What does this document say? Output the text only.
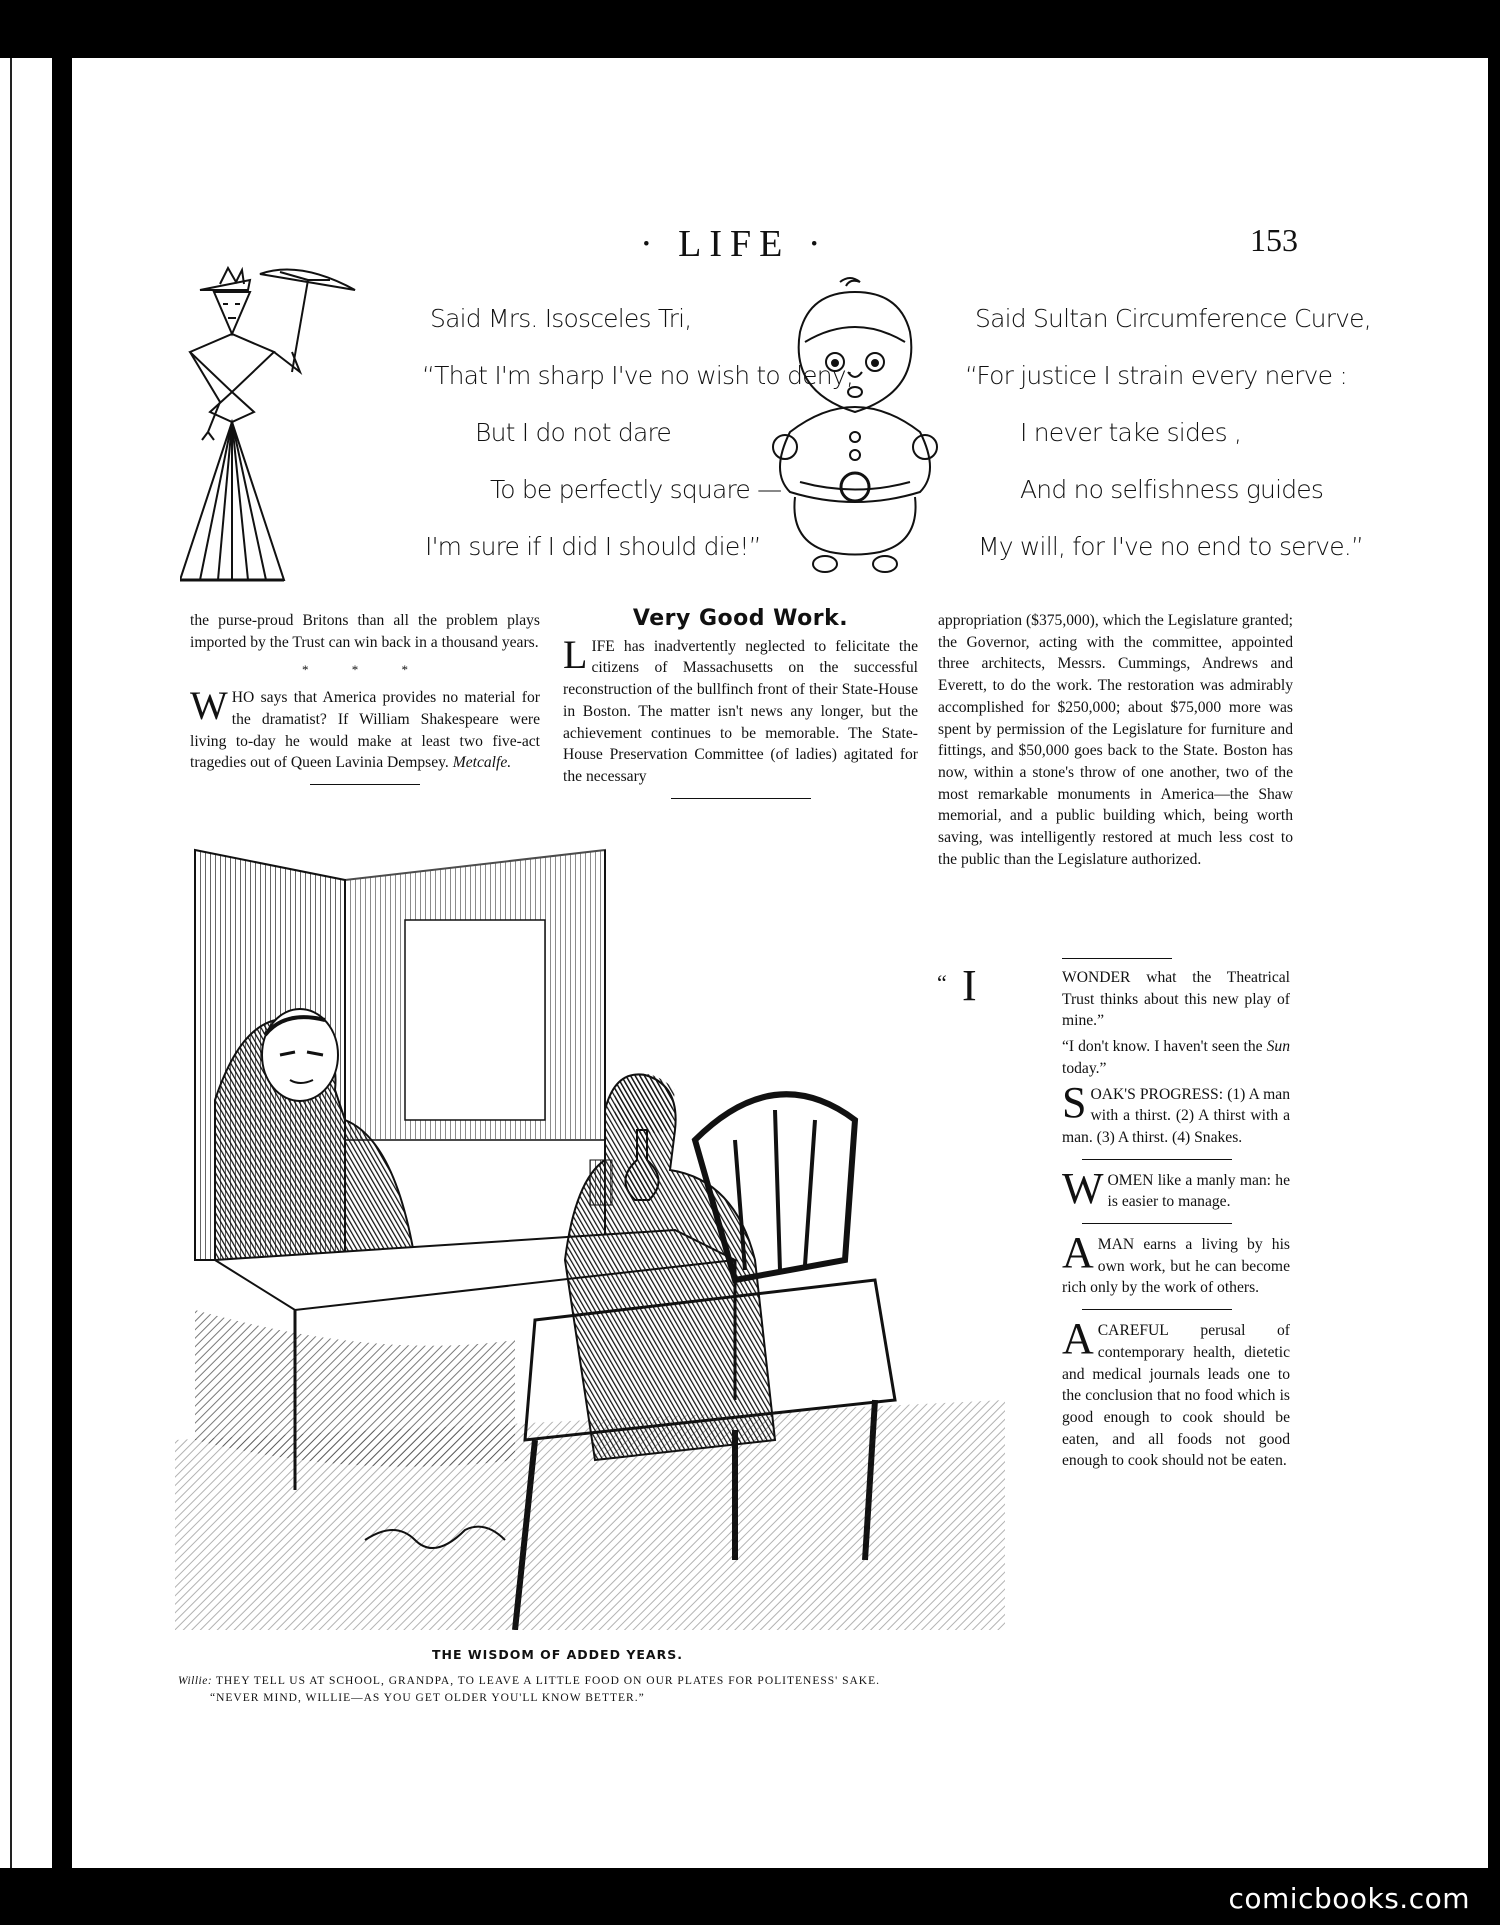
· LIFE ·	153
Said Mrs. Isosceles Tri,
“That I'm sharp I've no wish to deny;
But I do not dare
To be perfectly square —
I'm sure if I did I should die!”
Said Sultan Circumference Curve,
“For justice I strain every nerve :
I never take sides ,
And no selfishness guides
My will, for I've no end to serve.”

the purse-proud Britons than all the problem plays imported by the Trust can win back in a thousand years.

* * *

WHO says that America provides no material for the dramatist? If William Shakespeare were living to-day he would make at least two five-act tragedies out of Queen Lavinia Dempsey. Metcalfe.

Very Good Work.

LIFE has inadvertently neglected to felicitate the citizens of Massachusetts on the successful reconstruction of the bullfinch front of their State-House in Boston. The matter isn't news any longer, but the achievement continues to be memorable. The State-House Preservation Committee (of ladies) agitated for the necessary

appropriation ($375,000), which the Legislature granted; the Governor, acting with the committee, appointed three architects, Messrs. Cummings, Andrews and Everett, to do the work. The restoration was admirably accomplished for $250,000; about $75,000 more was spent by permission of the Legislature for furniture and fittings, and $50,000 goes back to the State. Boston has now, within a stone's throw of one another, two of the most remarkable monuments in America—the Shaw memorial, and a public building which, being worth saving, was intelligently restored at much less cost to the public than the Legislature authorized.

THE WISDOM OF ADDED YEARS.
Willie: THEY TELL US AT SCHOOL, GRANDPA, TO LEAVE A LITTLE FOOD ON OUR PLATES FOR POLITENESS' SAKE.
“NEVER MIND, WILLIE—AS YOU GET OLDER YOU'LL KNOW BETTER.”

“ I	WONDER what the Theatrical Trust thinks about this new play of mine.”

“I don't know. I haven't seen the Sun today.”

SOAK'S PROGRESS: (1) A man with a thirst. (2) A thirst with a man. (3) A thirst. (4) Snakes.

WOMEN like a manly man: he is easier to manage.

AMAN earns a living by his own work, but he can become rich only by the work of others.

ACAREFUL perusal of contemporary health, dietetic and medical journals leads one to the conclusion that no food which is good enough to cook should be eaten, and all foods not good enough to cook should not be eaten.

comicbooks.com
